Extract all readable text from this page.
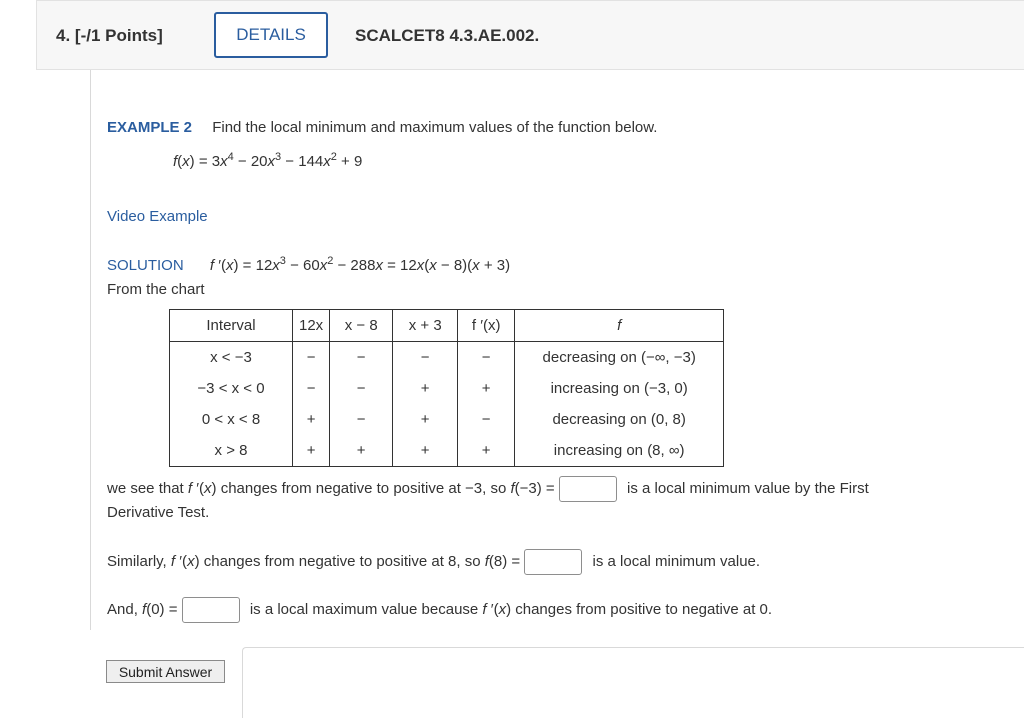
4. [-/1 Points]	DETAILS	SCALCET8 4.3.AE.002.
EXAMPLE 2 Find the local minimum and maximum values of the function below.
$f(x) = 3x^4 - 20x^3 - 144x^2 + 9$
Video Example
SOLUTION f $'(x) = 12x^3 - 60x^2 - 288x = 12x(x - 8)(x + 3)$
From the chart
Interval	12x	x − 8	x + 3	f ′(x)	f
x < −3	−	−	−	−	decreasing on (−∞, −3)
−3 < x < 0	−	−	+	+	increasing on (−3, 0)
0 < x < 8	+	−	+	−	decreasing on (0, 8)
x > 8	+	+	+	+	increasing on (8, ∞)
we see that f ′(x) changes from negative to positive at −3, so f(−3) =	is a local minimum value by the First
Derivative Test.
Similarly, f ′(x) changes from negative to positive at 8, so f(8) =	is a local minimum value.
And, f(0) =	is a local maximum value because f ′(x) changes from positive to negative at 0.
Submit Answer
